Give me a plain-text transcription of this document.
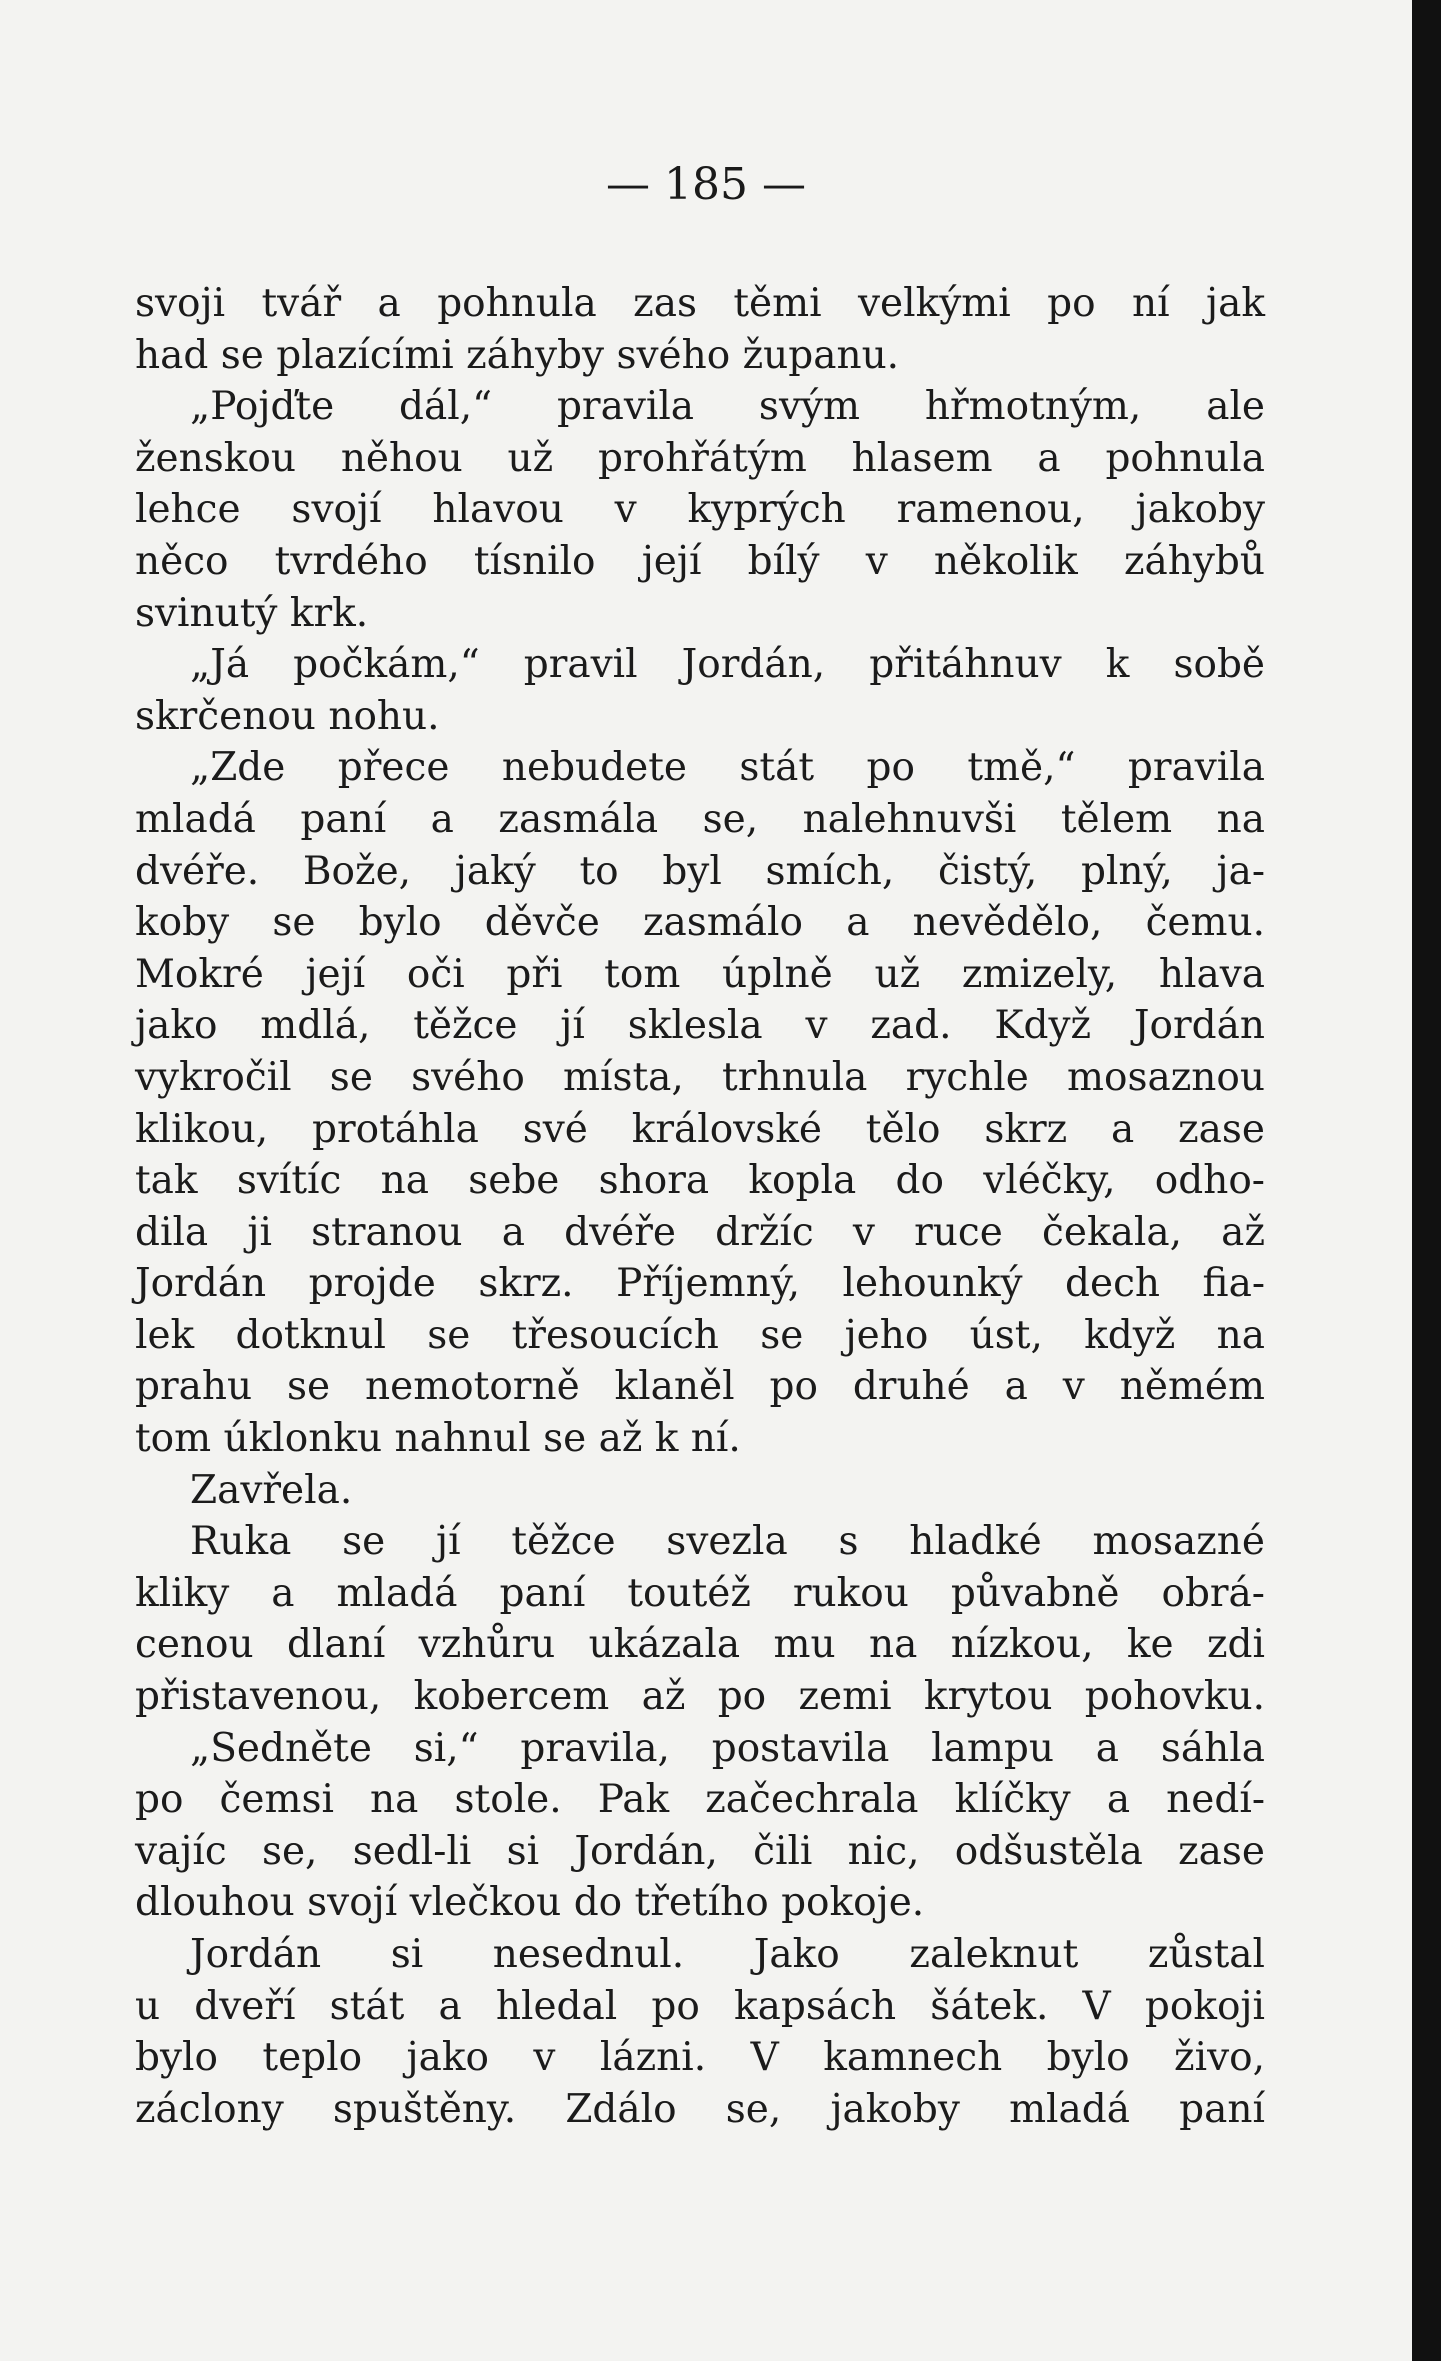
— 185 —
svoji tvář a pohnula zas těmi velkými po ní jak
had se plazícími záhyby svého županu.
„Pojďte dál,“ pravila svým hřmotným, ale
ženskou něhou už prohřátým hlasem a pohnula
lehce svojí hlavou v kyprých ramenou, jakoby
něco tvrdého tísnilo její bílý v několik záhybů
svinutý krk.
„Já počkám,“ pravil Jordán, přitáhnuv k sobě
skrčenou nohu.
„Zde přece nebudete stát po tmě,“ pravila
mladá paní a zasmála se, nalehnuvši tělem na
dvéře. Bože, jaký to byl smích, čistý, plný, ja-
koby se bylo děvče zasmálo a nevědělo, čemu.
Mokré její oči při tom úplně už zmizely, hlava
jako mdlá, těžce jí sklesla v zad. Když Jordán
vykročil se svého místa, trhnula rychle mosaznou
klikou, protáhla své královské tělo skrz a zase
tak svítíc na sebe shora kopla do vléčky, odho-
dila ji stranou a dvéře držíc v ruce čekala, až
Jordán projde skrz. Příjemný, lehounký dech fia-
lek dotknul se třesoucích se jeho úst, když na
prahu se nemotorně klaněl po druhé a v němém
tom úklonku nahnul se až k ní.
Zavřela.
Ruka se jí těžce svezla s hladké mosazné
kliky a mladá paní toutéž rukou půvabně obrá-
cenou dlaní vzhůru ukázala mu na nízkou, ke zdi
přistavenou, kobercem až po zemi krytou pohovku.
„Sedněte si,“ pravila, postavila lampu a sáhla
po čemsi na stole. Pak začechrala klíčky a nedí-
vajíc se, sedl-li si Jordán, čili nic, odšustěla zase
dlouhou svojí vlečkou do třetího pokoje.
Jordán si nesednul. Jako zaleknut zůstal
u dveří stát a hledal po kapsách šátek. V pokoji
bylo teplo jako v lázni. V kamnech bylo živo,
záclony spuštěny. Zdálo se, jakoby mladá paní
